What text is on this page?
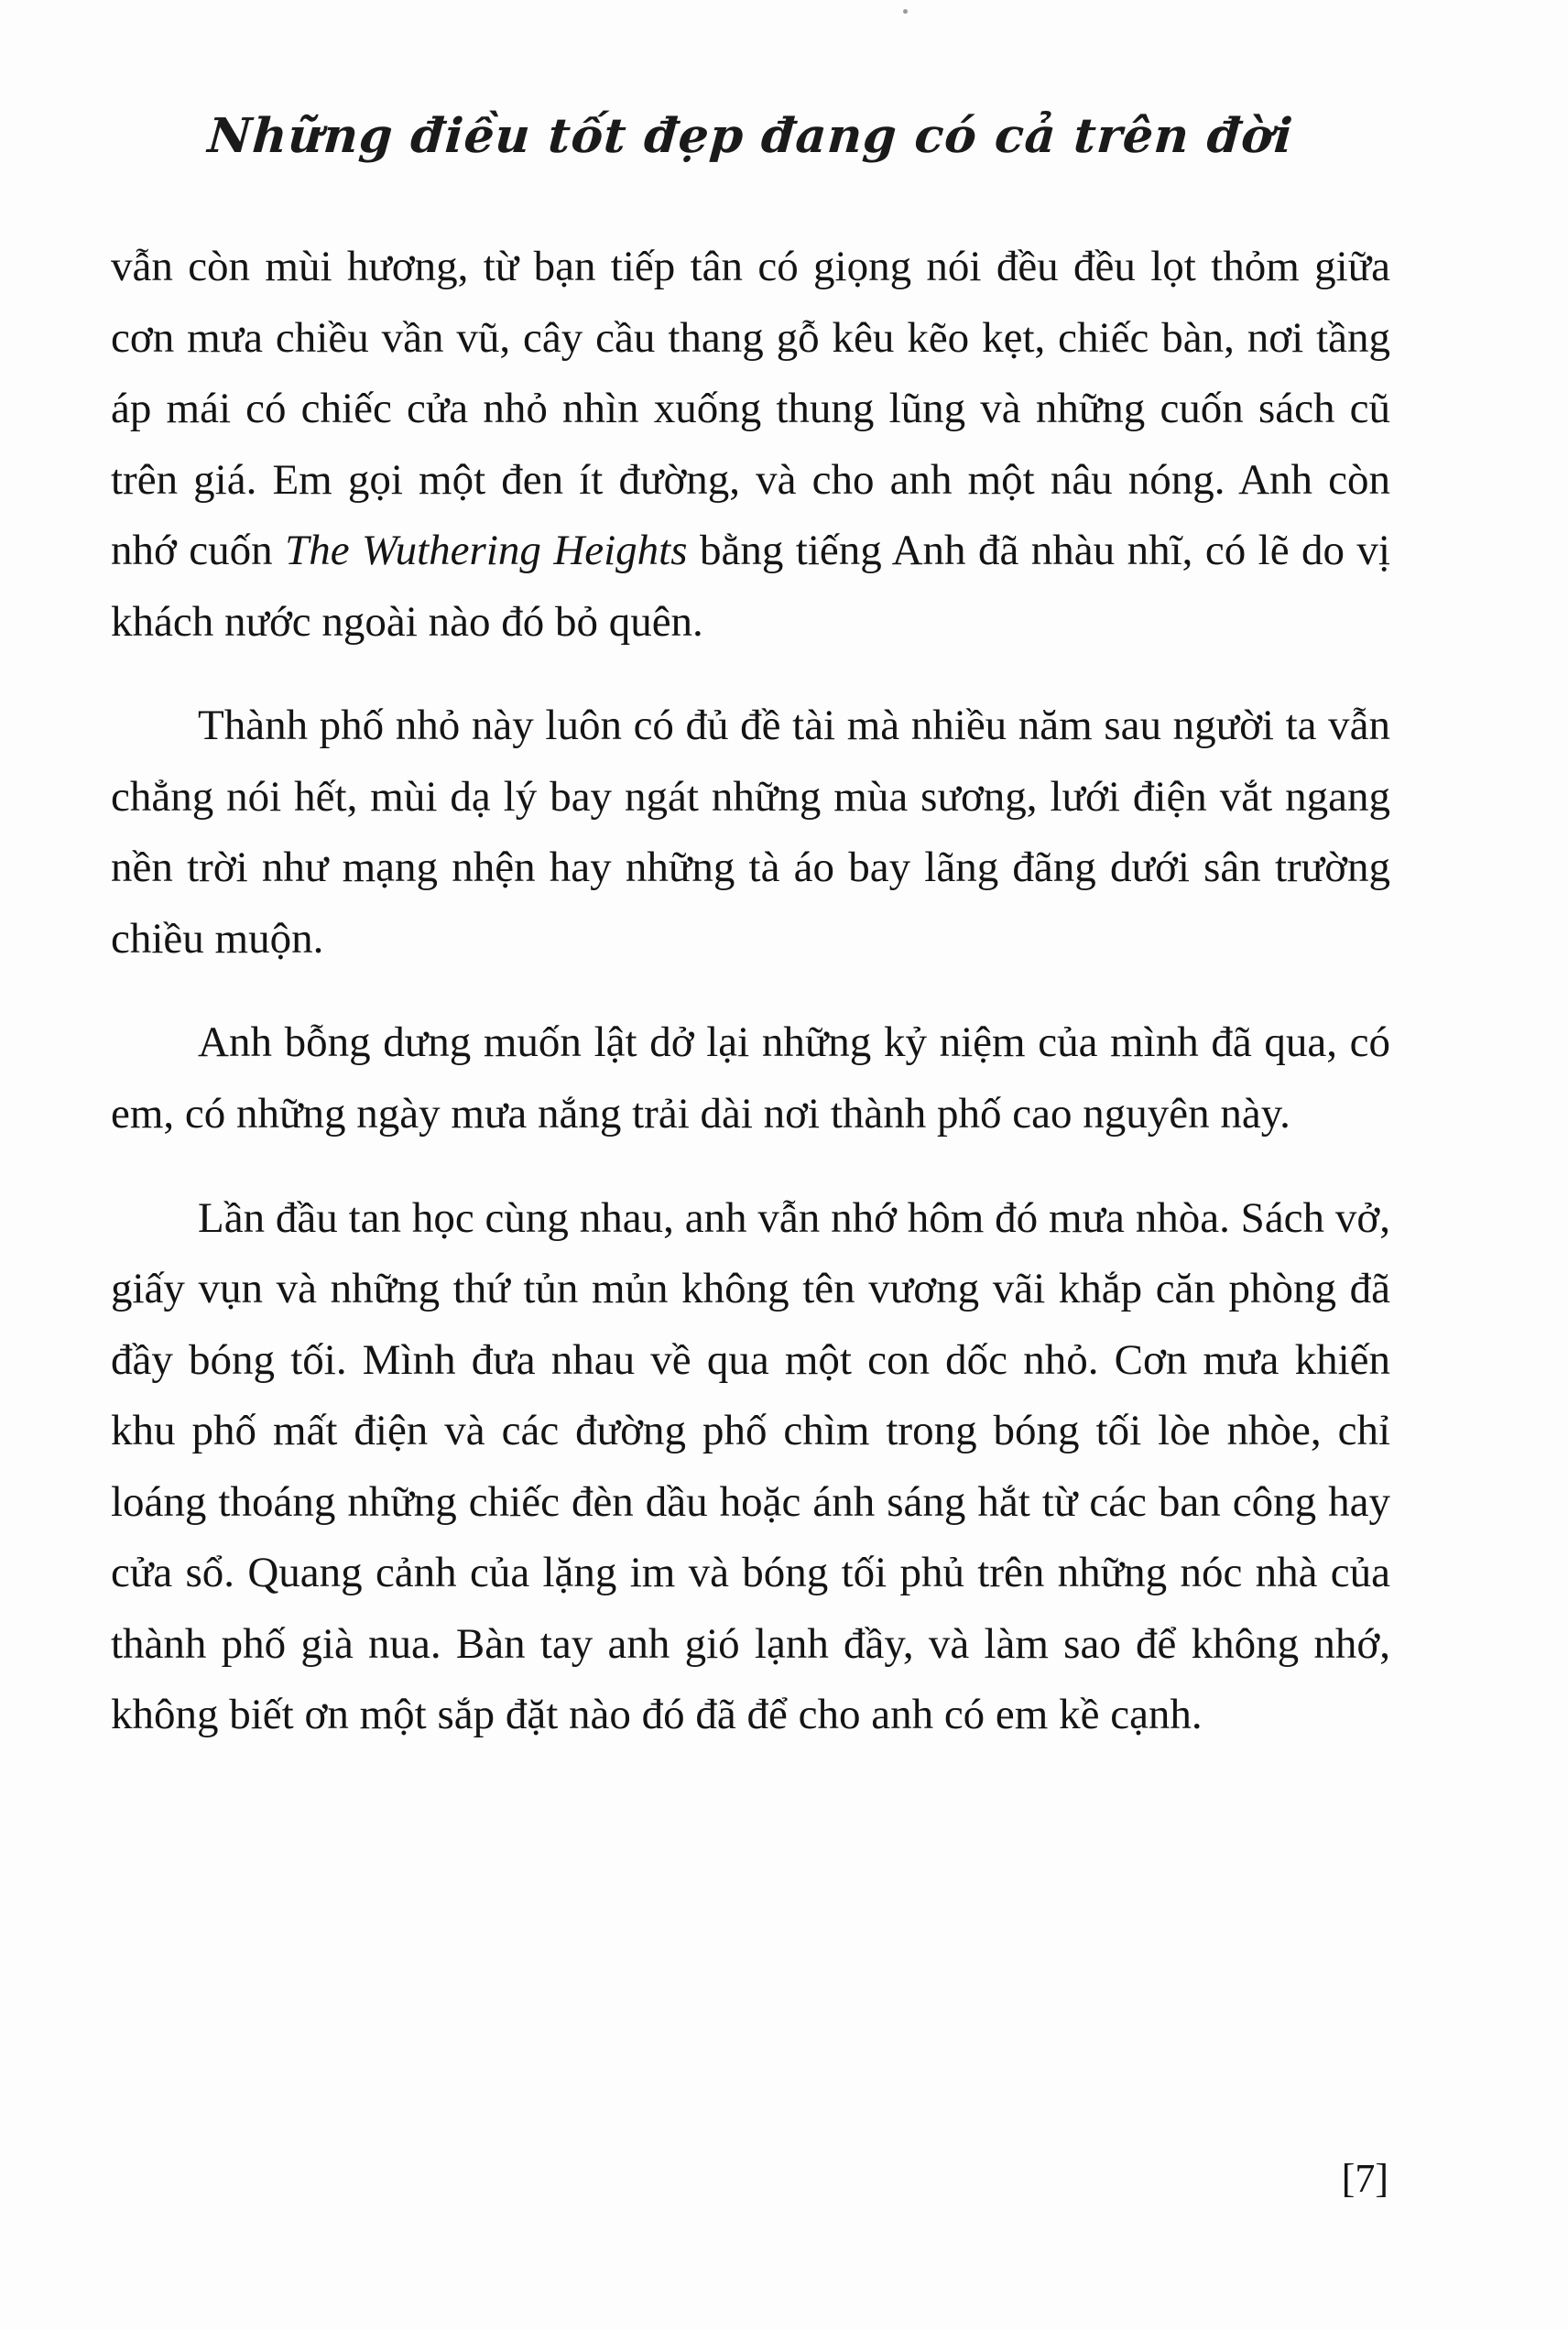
Những điều tốt đẹp đang có cả trên đời

vẫn còn mùi hương, từ bạn tiếp tân có giọng nói đều đều lọt thỏm giữa cơn mưa chiều vần vũ, cây cầu thang gỗ kêu kẽo kẹt, chiếc bàn, nơi tầng áp mái có chiếc cửa nhỏ nhìn xuống thung lũng và những cuốn sách cũ trên giá. Em gọi một đen ít đường, và cho anh một nâu nóng. Anh còn nhớ cuốn The Wuthering Heights bằng tiếng Anh đã nhàu nhĩ, có lẽ do vị khách nước ngoài nào đó bỏ quên.

Thành phố nhỏ này luôn có đủ đề tài mà nhiều năm sau người ta vẫn chẳng nói hết, mùi dạ lý bay ngát những mùa sương, lưới điện vắt ngang nền trời như mạng nhện hay những tà áo bay lãng đãng dưới sân trường chiều muộn.

Anh bỗng dưng muốn lật dở lại những kỷ niệm của mình đã qua, có em, có những ngày mưa nắng trải dài nơi thành phố cao nguyên này.

Lần đầu tan học cùng nhau, anh vẫn nhớ hôm đó mưa nhòa. Sách vở, giấy vụn và những thứ tủn mủn không tên vương vãi khắp căn phòng đã đầy bóng tối. Mình đưa nhau về qua một con dốc nhỏ. Cơn mưa khiến khu phố mất điện và các đường phố chìm trong bóng tối lòe nhòe, chỉ loáng thoáng những chiếc đèn dầu hoặc ánh sáng hắt từ các ban công hay cửa sổ. Quang cảnh của lặng im và bóng tối phủ trên những nóc nhà của thành phố già nua. Bàn tay anh gió lạnh đầy, và làm sao để không nhớ, không biết ơn một sắp đặt nào đó đã để cho anh có em kề cạnh.

[7]
